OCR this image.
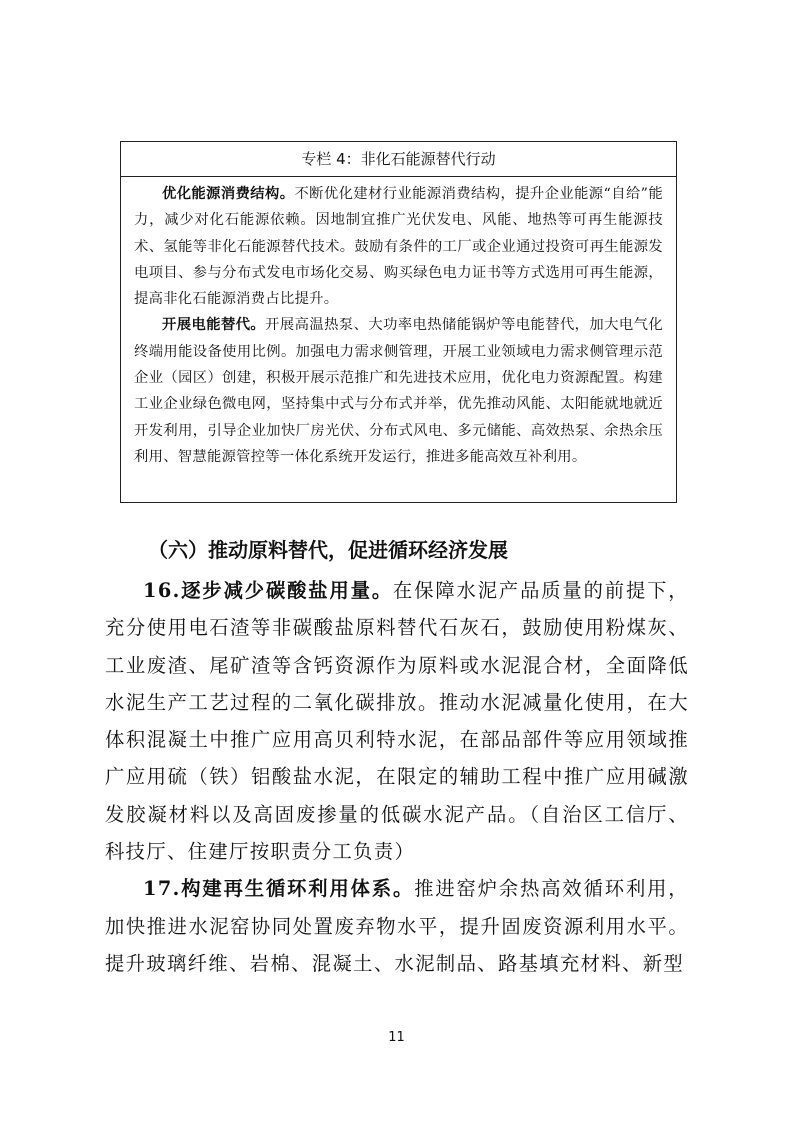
专栏 4：非化石能源替代行动

优化能源消费结构。不断优化建材行业能源消费结构，提升企业能源“自给”能力，减少对化石能源依赖。因地制宜推广光伏发电、风能、地热等可再生能源技术、氢能等非化石能源替代技术。鼓励有条件的工厂或企业通过投资可再生能源发电项目、参与分布式发电市场化交易、购买绿色电力证书等方式选用可再生能源，提高非化石能源消费占比提升。

开展电能替代。开展高温热泵、大功率电热储能锅炉等电能替代，加大电气化终端用能设备使用比例。加强电力需求侧管理，开展工业领域电力需求侧管理示范企业（园区）创建，积极开展示范推广和先进技术应用，优化电力资源配置。构建工业企业绿色微电网，坚持集中式与分布式并举，优先推动风能、太阳能就地就近开发利用，引导企业加快厂房光伏、分布式风电、多元储能、高效热泵、余热余压利用、智慧能源管控等一体化系统开发运行，推进多能高效互补利用。

（六）推动原料替代，促进循环经济发展

16.逐步减少碳酸盐用量。在保障水泥产品质量的前提下，充分使用电石渣等非碳酸盐原料替代石灰石，鼓励使用粉煤灰、工业废渣、尾矿渣等含钙资源作为原料或水泥混合材，全面降低水泥生产工艺过程的二氧化碳排放。推动水泥减量化使用，在大体积混凝土中推广应用高贝利特水泥，在部品部件等应用领域推广应用硫（铁）铝酸盐水泥，在限定的辅助工程中推广应用碱激发胶凝材料以及高固废掺量的低碳水泥产品。（自治区工信厅、科技厅、住建厅按职责分工负责）

17.构建再生循环利用体系。推进窑炉余热高效循环利用，加快推进水泥窑协同处置废弃物水平，提升固废资源利用水平。提升玻璃纤维、岩棉、混凝土、水泥制品、路基填充材料、新型

11
